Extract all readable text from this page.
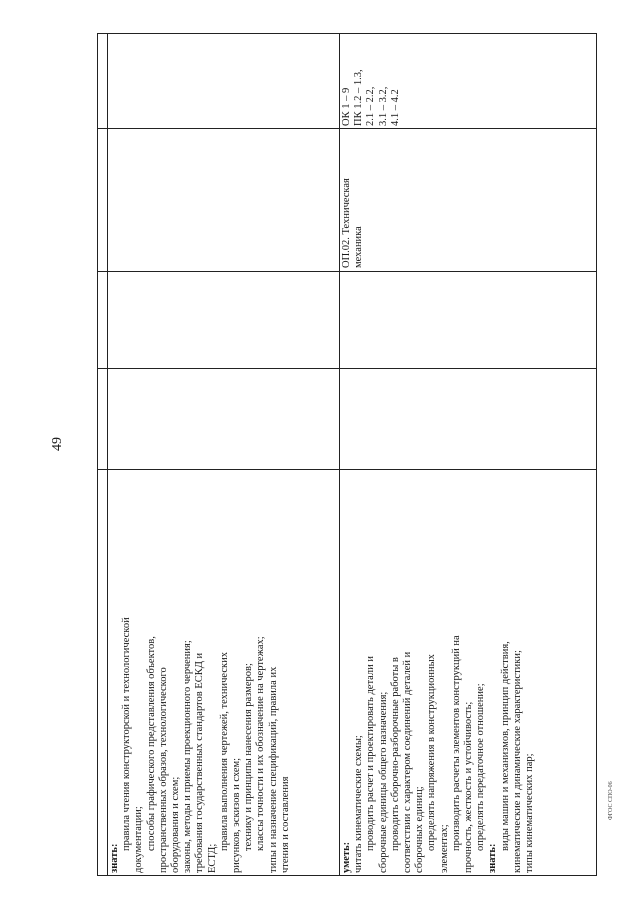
49

ОК 1 – 9 ПК 1.2 – 1.3, 2.1 – 2.2, 3.1 – 3.2, 4.1 – 4.2

ОП.02. Техническая механика

знать:

правила чтения конструкторской и технологической документации; способы графического представления объектов, пространственных образов, технологического оборудования и схем; законы, методы и приемы проекционного черчения; требования государственных стандартов ЕСКД и ЕСТД;

правила выполнения чертежей, технических рисунков, эскизов и схем; технику и принципы нанесения размеров; классы точности и их обозначение на чертежах; типы и назначение спецификаций, правила их чтения и составления	уметь: читать кинематические схемы; проводить расчет и проектировать детали и сборочные единицы общего назначения; проводить сборочно-разборочные работы в соответствии с характером соединений деталей и сборочных единиц; определять напряжения в конструкционных элементах; производить расчеты элементов конструкций на прочность, жесткость и устойчивость; определять передаточное отношение;

знать:

виды машин и механизмов, принцип действия, кинематические и динамические характеристики; типы кинематических пар;	ФГОС СПО-06
